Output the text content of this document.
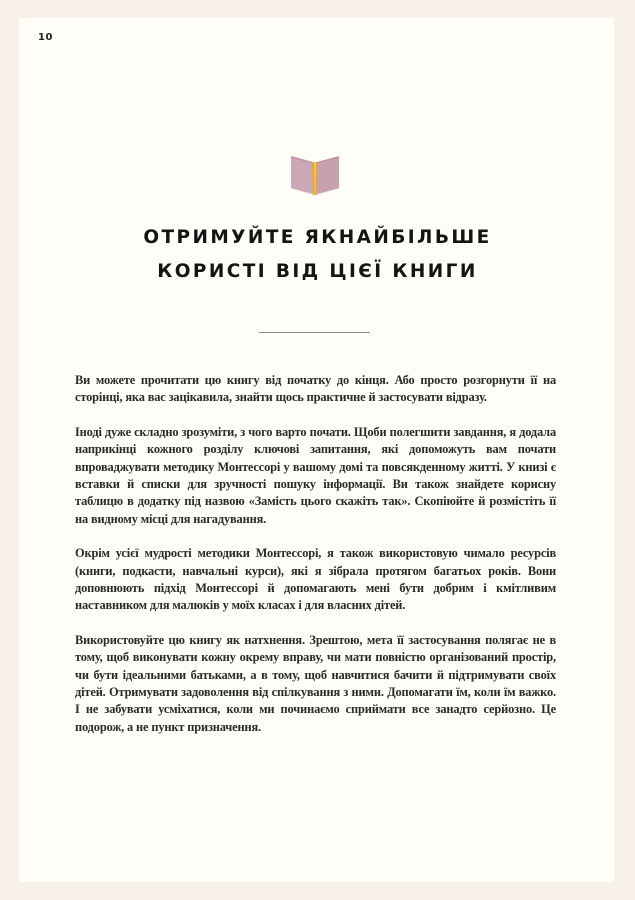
10
ОТРИМУЙТЕ ЯКНАЙБІЛЬШЕ
КОРИСТІ ВІД ЦІЄЇ КНИГИ

Ви можете прочитати цю книгу від початку до кінця. Або просто розгорнути її на сторінці, яка вас зацікавила, знайти щось практичне й застосувати відразу.

Іноді дуже складно зрозуміти, з чого варто почати. Щоби полегшити завдання, я додала наприкінці кожного розділу ключові запитання, які допоможуть вам почати впроваджувати методику Монтессорі у вашому домі та повсякденному житті. У книзі є вставки й списки для зручності пошуку інформації. Ви також знайдете корисну таблицю в додатку під назвою «Замість цього скажіть так». Скопіюйте й розмістіть її на видному місці для нагадування.

Окрім усієї мудрості методики Монтессорі, я також використовую чимало ресурсів (книги, подкасти, навчальні курси), які я зібрала протягом багатьох років. Вони доповнюють підхід Монтессорі й допомагають мені бути добрим і кмітливим наставником для малюків у моїх класах і для власних дітей.

Використовуйте цю книгу як натхнення. Зрештою, мета її застосування полягає не в тому, щоб виконувати кожну окрему вправу, чи мати повністю організований простір, чи бути ідеальними батьками, а в тому, щоб навчитися бачити й підтримувати своїх дітей. Отримувати задоволення від спілкування з ними. Допомагати їм, коли їм важко. І не забувати усміхатися, коли ми починаємо сприймати все занадто серйозно. Це подорож, а не пункт призначення.
